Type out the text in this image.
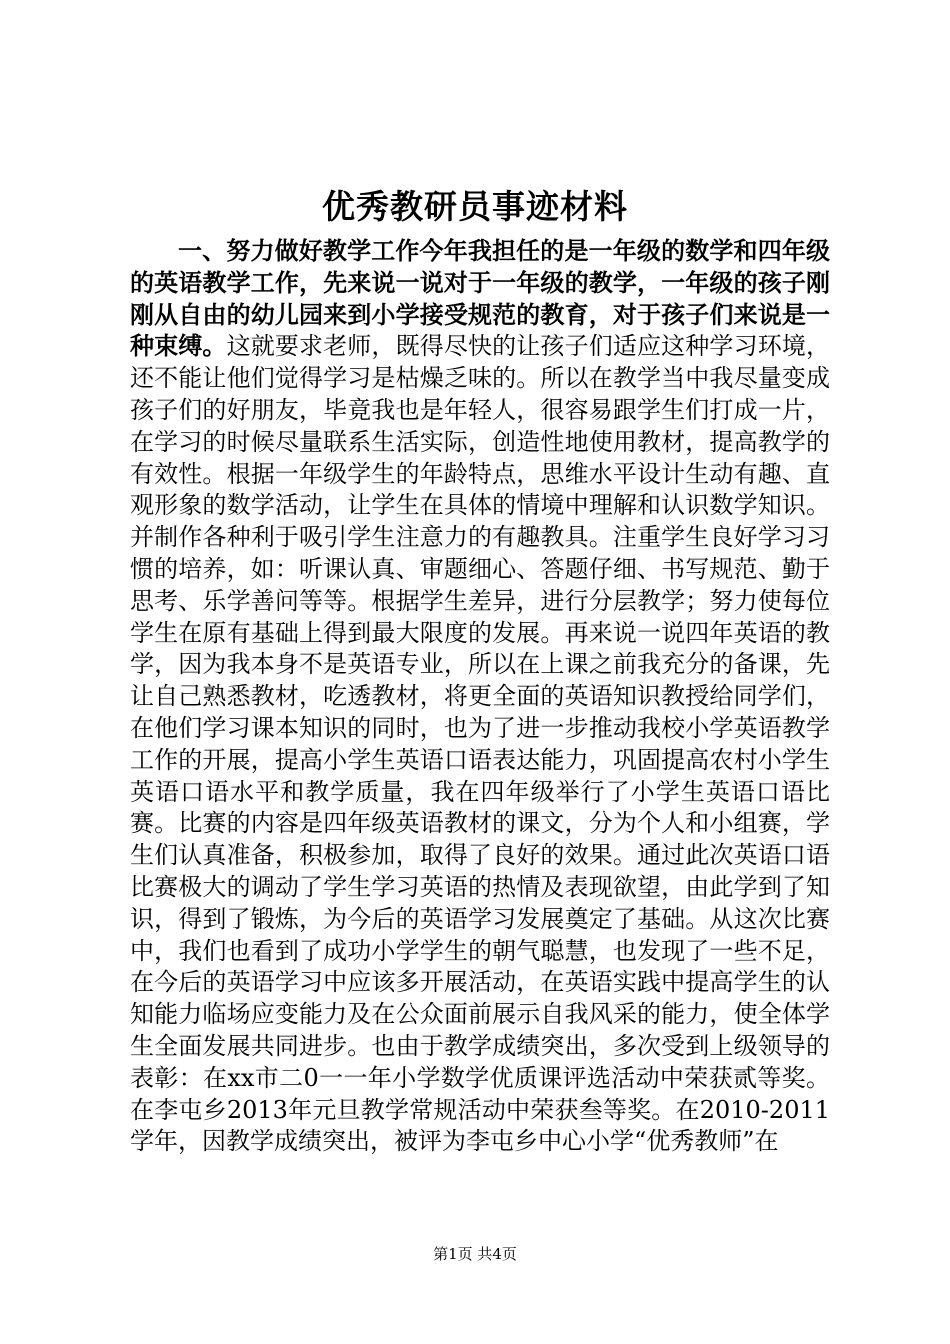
优秀教研员事迹材料

一、努力做好教学工作今年我担任的是一年级的数学和四年级的英语教学工作，先来说一说对于一年级的教学，一年级的孩子刚刚从自由的幼儿园来到小学接受规范的教育，对于孩子们来说是一种束缚。这就要求老师，既得尽快的让孩子们适应这种学习环境，还不能让他们觉得学习是枯燥乏味的。所以在教学当中我尽量变成孩子们的好朋友，毕竟我也是年轻人，很容易跟学生们打成一片，在学习的时候尽量联系生活实际，创造性地使用教材，提高教学的有效性。根据一年级学生的年龄特点，思维水平设计生动有趣、直观形象的数学活动，让学生在具体的情境中理解和认识数学知识。并制作各种利于吸引学生注意力的有趣教具。注重学生良好学习习惯的培养，如：听课认真、审题细心、答题仔细、书写规范、勤于思考、乐学善问等等。根据学生差异，进行分层教学；努力使每位学生在原有基础上得到最大限度的发展。再来说一说四年英语的教学，因为我本身不是英语专业，所以在上课之前我充分的备课，先让自己熟悉教材，吃透教材，将更全面的英语知识教授给同学们，在他们学习课本知识的同时，也为了进一步推动我校小学英语教学工作的开展，提高小学生英语口语表达能力，巩固提高农村小学生英语口语水平和教学质量，我在四年级举行了小学生英语口语比赛。比赛的内容是四年级英语教材的课文，分为个人和小组赛，学生们认真准备，积极参加，取得了良好的效果。通过此次英语口语比赛极大的调动了学生学习英语的热情及表现欲望，由此学到了知识，得到了锻炼，为今后的英语学习发展奠定了基础。从这次比赛中，我们也看到了成功小学学生的朝气聪慧，也发现了一些不足，在今后的英语学习中应该多开展活动，在英语实践中提高学生的认知能力临场应变能力及在公众面前展示自我风采的能力，使全体学生全面发展共同进步。也由于教学成绩突出，多次受到上级领导的表彰：在xx市二0一一年小学数学优质课评选活动中荣获贰等奖。在李屯乡2013年元旦教学常规活动中荣获叁等奖。在2010-2011学年，因教学成绩突出，被评为李屯乡中心小学“优秀教师”在

第1页 共4页
